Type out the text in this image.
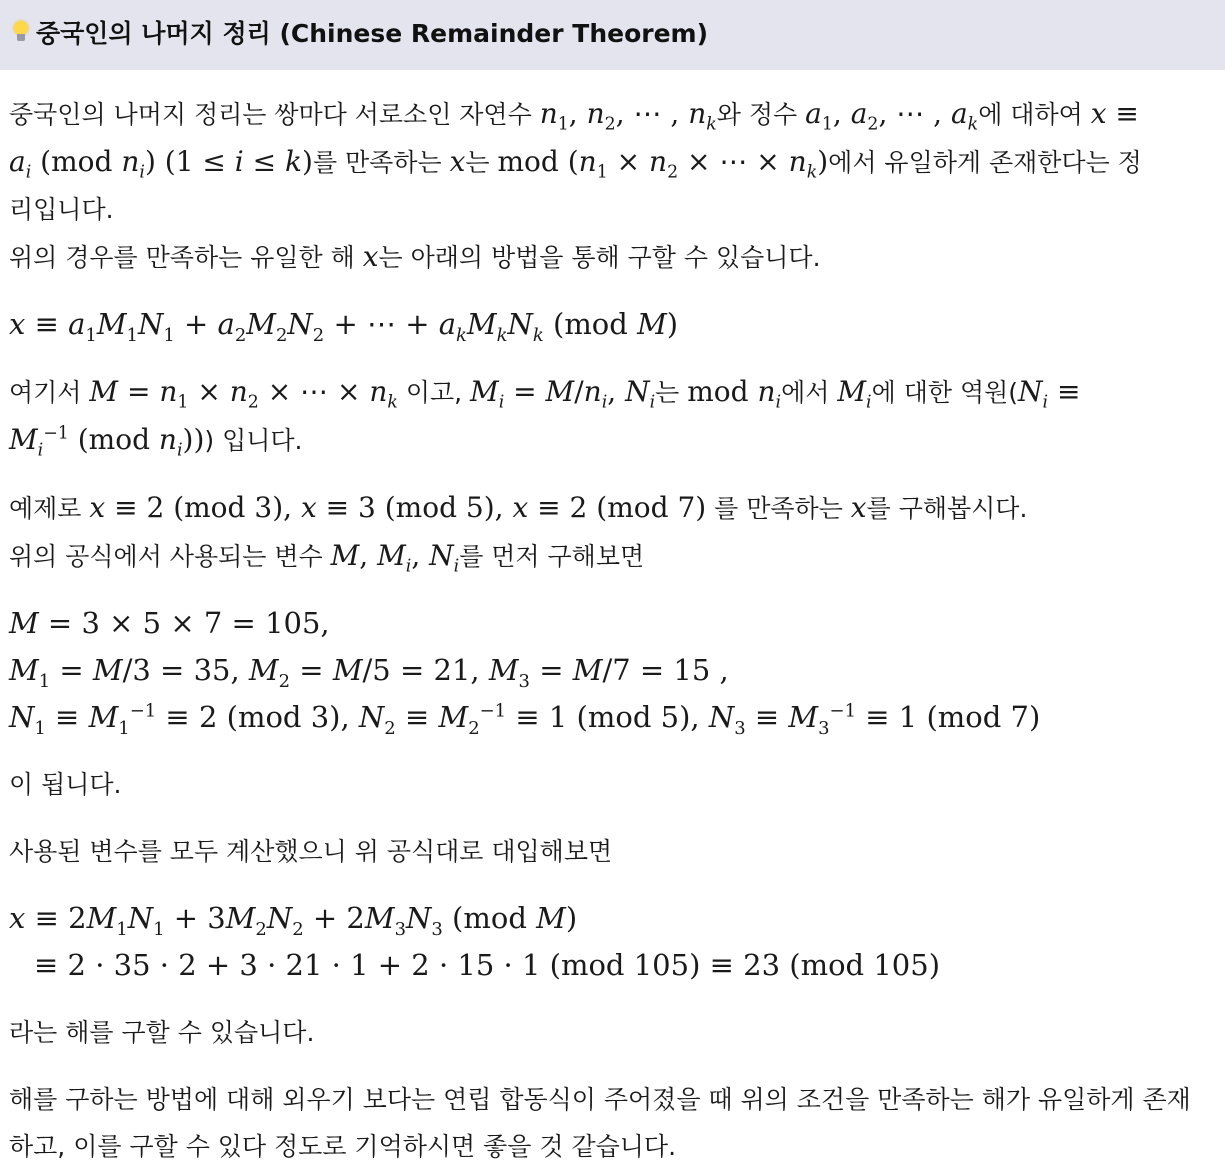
중국인의 나머지 정리 (Chinese Remainder Theorem)

중국인의 나머지 정리는 쌍마다 서로소인 자연수 $n_1$, $n_2$, ⋯ , $n_k$와 정수 $a_1$, $a_2$, ⋯ , $a_k$에 대하여 x ≡

$a_i$ (mod $n_i$) (1 ≤ i ≤ k)를 만족하는 x는 mod ($n_1 \times n_2$ × ⋯ × $n_k$)에서 유일하게 존재한다는 정

리입니다.

위의 경우를 만족하는 유일한 해 x는 아래의 방법을 통해 구할 수 있습니다.

$x \equiv a_1M_1N_1 + a_2M_2N_2$ + ⋯ + $a_kM_kN_k$ (mod M)

여기서 $M = n_1 \times n_2$ × ⋯ × $n_k$ 이고, $M_i = M/n_i$, $N_i$는 mod $n_i$에서 $M_i$에 대한 역원($N_i$ ≡

$M_i^{-1}$ (mod $n_i$))) 입니다.

예제로 x ≡ 2 (mod 3), x ≡ 3 (mod 5), x ≡ 2 (mod 7) 를 만족하는 x를 구해봅시다.

위의 공식에서 사용되는 변수 M, $M_i$, $N_i$를 먼저 구해보면

M = 3 × 5 × 7 = 105,

$M_1 = M/3 = 35$, $M_2 = M/5 = 21$, $M_3 = M/7 = 15$ ,

$N_1 \equiv M_1^{-1} \equiv 2$ (mod 3), $N_2 \equiv M_2^{-1} \equiv 1$ (mod 5), $N_3 \equiv M_3^{-1} \equiv 1$ (mod 7)

이 됩니다.

사용된 변수를 모두 계산했으니 위 공식대로 대입해보면

$x \equiv 2M_1N_1 + 3M_2N_2 + 2M_3N_3$ (mod M)

≡ 2 · 35 · 2 + 3 · 21 · 1 + 2 · 15 · 1 (mod 105) ≡ 23 (mod 105)

라는 해를 구할 수 있습니다.

해를 구하는 방법에 대해 외우기 보다는 연립 합동식이 주어졌을 때 위의 조건을 만족하는 해가 유일하게 존재

하고, 이를 구할 수 있다 정도로 기억하시면 좋을 것 같습니다.
